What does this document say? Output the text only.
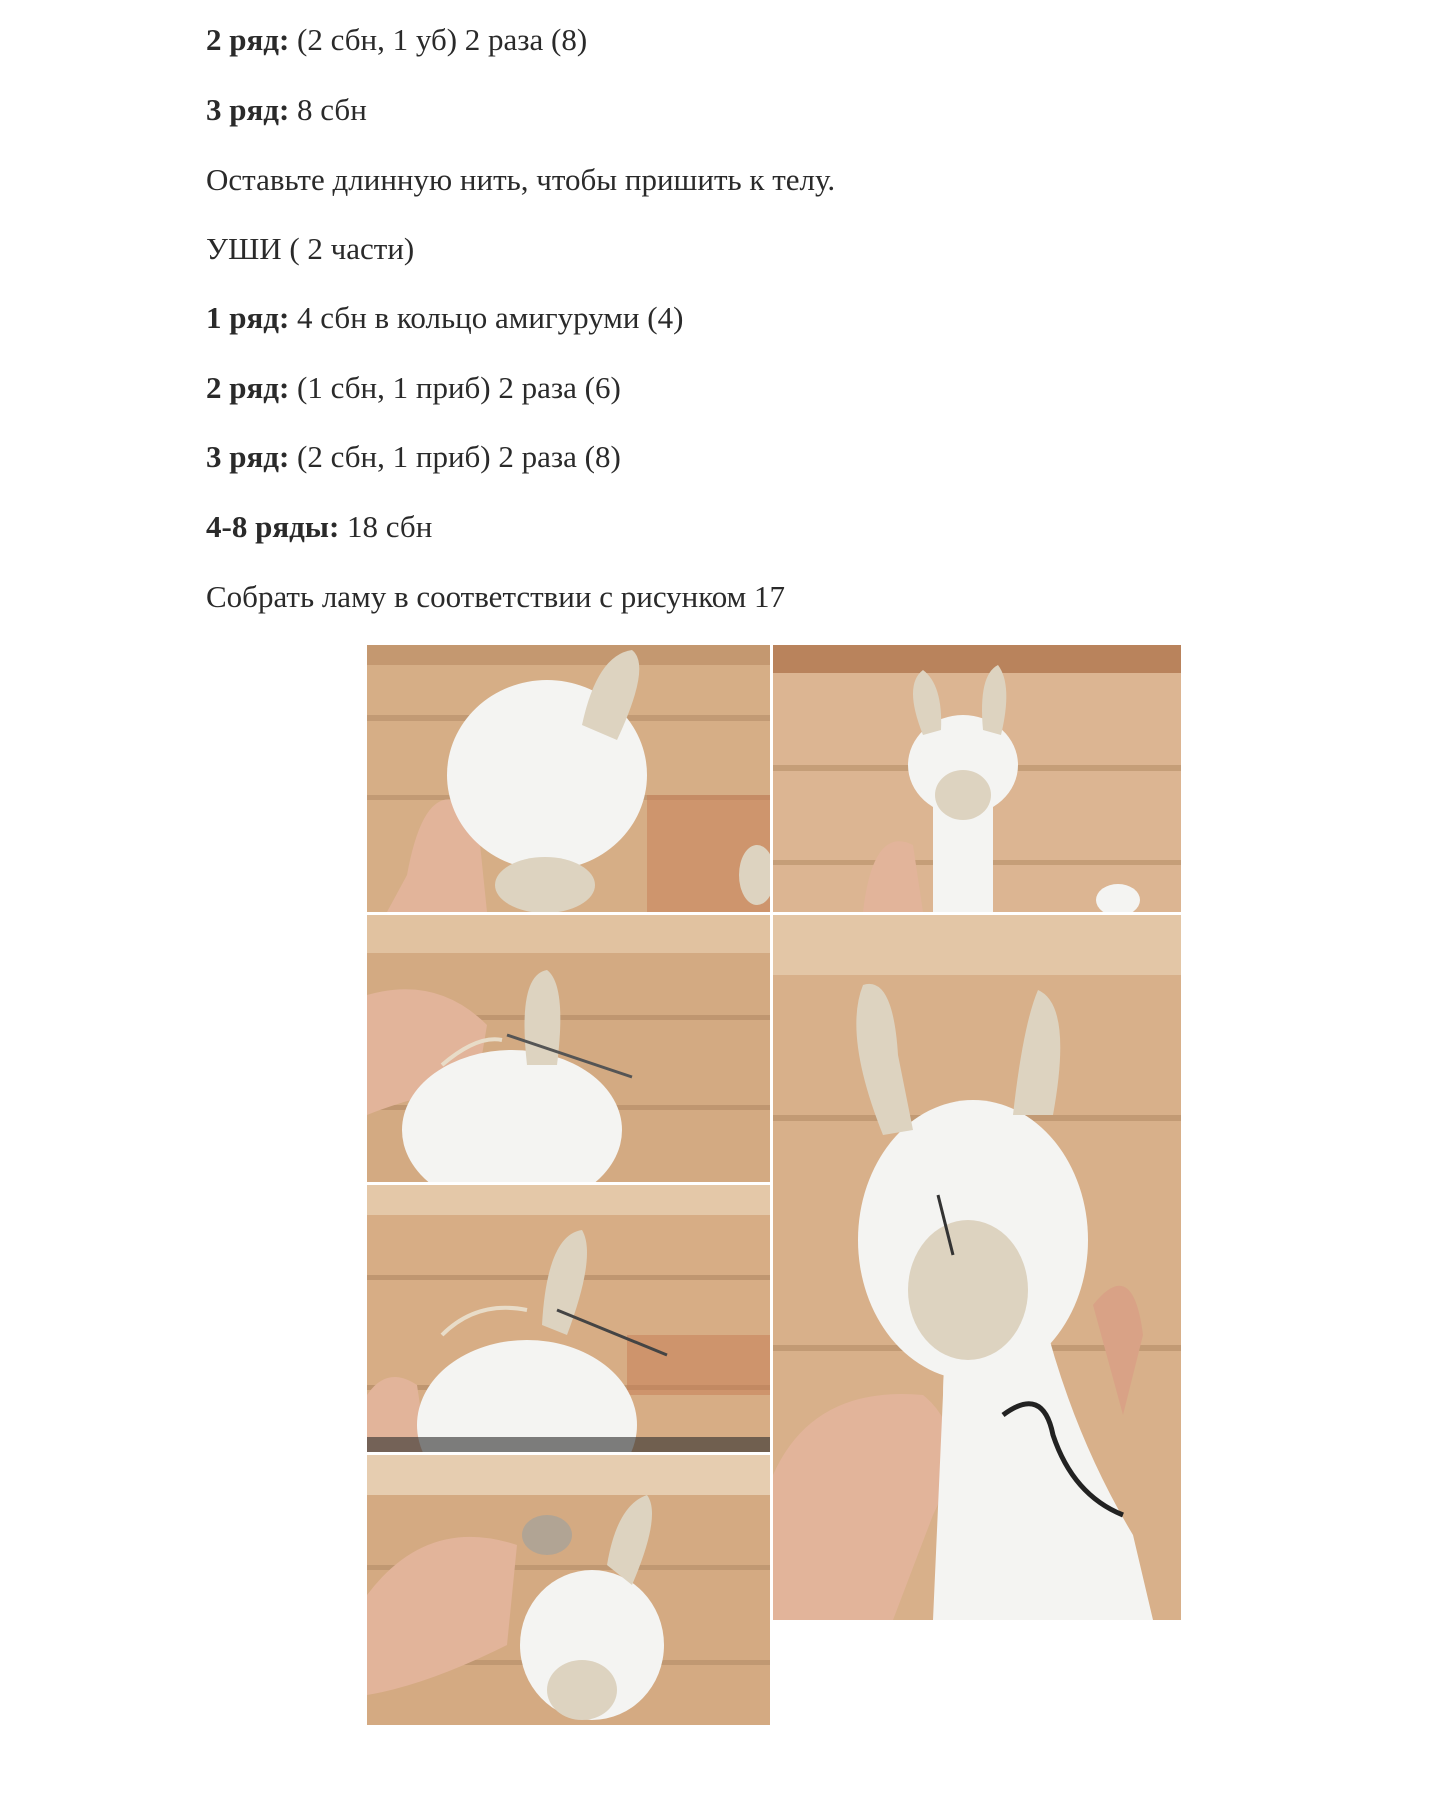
2 ряд: (2 сбн, 1 уб) 2 раза (8)
3 ряд: 8 сбн
Оставьте длинную нить, чтобы пришить к телу.
УШИ ( 2 части)
1 ряд: 4 сбн в кольцо амигуруми (4)
2 ряд: (1 сбн, 1 приб) 2 раза (6)
3 ряд: (2 сбн, 1 приб) 2 раза (8)
4-8 ряды: 18 сбн
Собрать ламу в соответствии с рисунком 17
